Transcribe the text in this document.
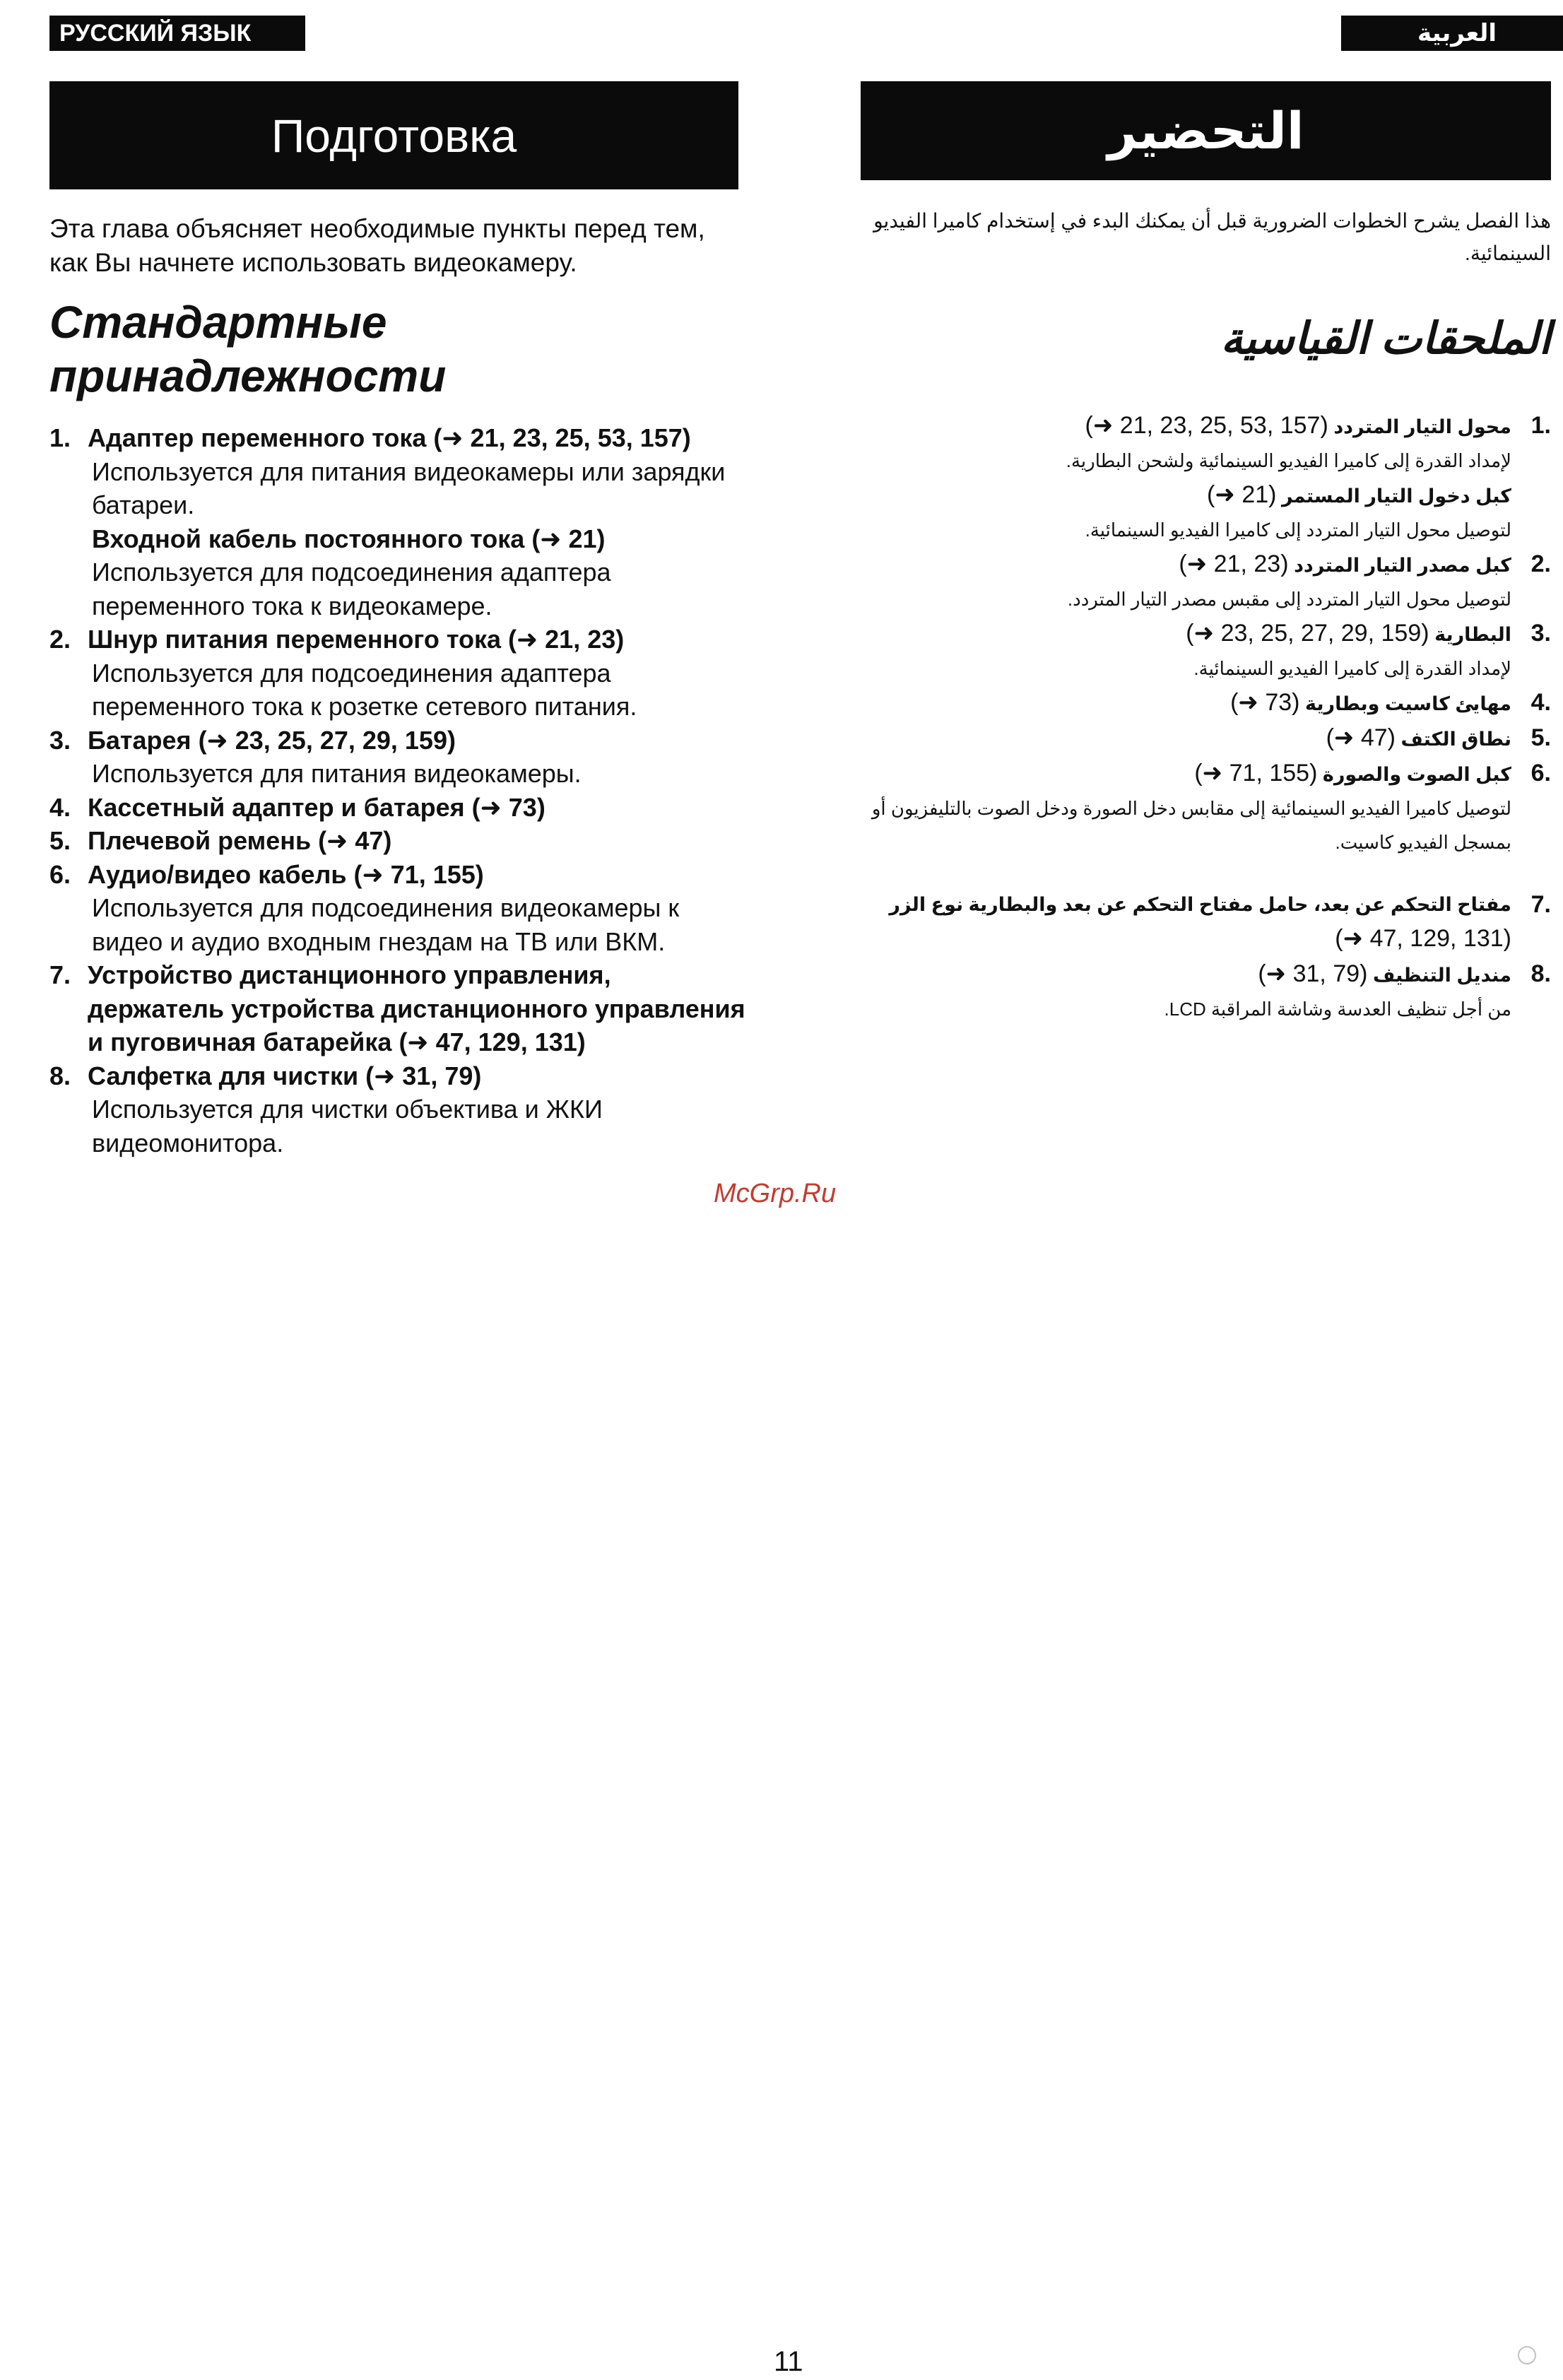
РУССКИЙ ЯЗЫК	العربية
Подготовка	التحضير

Эта глава объясняет необходимые пункты перед тем, как Вы начнете использовать видеокамеру.

Стандартные принадлежности
1. Адаптер переменного тока (➜ 21, 23, 25, 53, 157)
Используется для питания видеокамеры или зарядки батареи.
Входной кабель постоянного тока (➜ 21)
Используется для подсоединения адаптера переменного тока к видеокамере.
2. Шнур питания переменного тока (➜ 21, 23)
Используется для подсоединения адаптера переменного тока к розетке сетевого питания.
3. Батарея (➜ 23, 25, 27, 29, 159)
Используется для питания видеокамеры.
4. Кассетный адаптер и батарея (➜ 73)
5. Плечевой ремень (➜ 47)
6. Аудио/видео кабель (➜ 71, 155)
Используется для подсоединения видеокамеры к видео и аудио входным гнездам на ТВ или ВКМ.
7. Устройство дистанционного управления, держатель устройства дистанционного управления и пуговичная батарейка (➜ 47, 129, 131)
8. Салфетка для чистки (➜ 31, 79)
Используется для чистки объектива и ЖКИ видеомонитора.

هذا الفصل يشرح الخطوات الضرورية قبل أن يمكنك البدء في إستخدام كاميرا الفيديو السينمائية.

الملحقات القياسية
.1
محول التيار المتردد (157 ,53 ,25 ,23 ,21 ➜)
لإمداد القدرة إلى كاميرا الفيديو السينمائية ولشحن البطارية.
كبل دخول التيار المستمر (21 ➜)
لتوصيل محول التيار المتردد إلى كاميرا الفيديو السينمائية.
.2
كبل مصدر التيار المتردد (23 ,21 ➜)
لتوصيل محول التيار المتردد إلى مقبس مصدر التيار المتردد.
.3
البطارية (159 ,29 ,27 ,25 ,23 ➜)
لإمداد القدرة إلى كاميرا الفيديو السينمائية.
.4
مهايئ كاسيت وبطارية (73 ➜)
.5
نطاق الكتف (47 ➜)
.6
كبل الصوت والصورة (155 ,71 ➜)
لتوصيل كاميرا الفيديو السينمائية إلى مقابس دخل الصورة ودخل الصوت بالتليفزيون أو بمسجل الفيديو كاسيت.
.7
مفتاح التحكم عن بعد، حامل مفتاح التحكم عن بعد والبطارية نوع الزر
(131 ,129 ,47 ➜)
.8
منديل التنظيف (79 ,31 ➜)
من أجل تنظيف العدسة وشاشة المراقبة LCD.
McGrp.Ru
11
